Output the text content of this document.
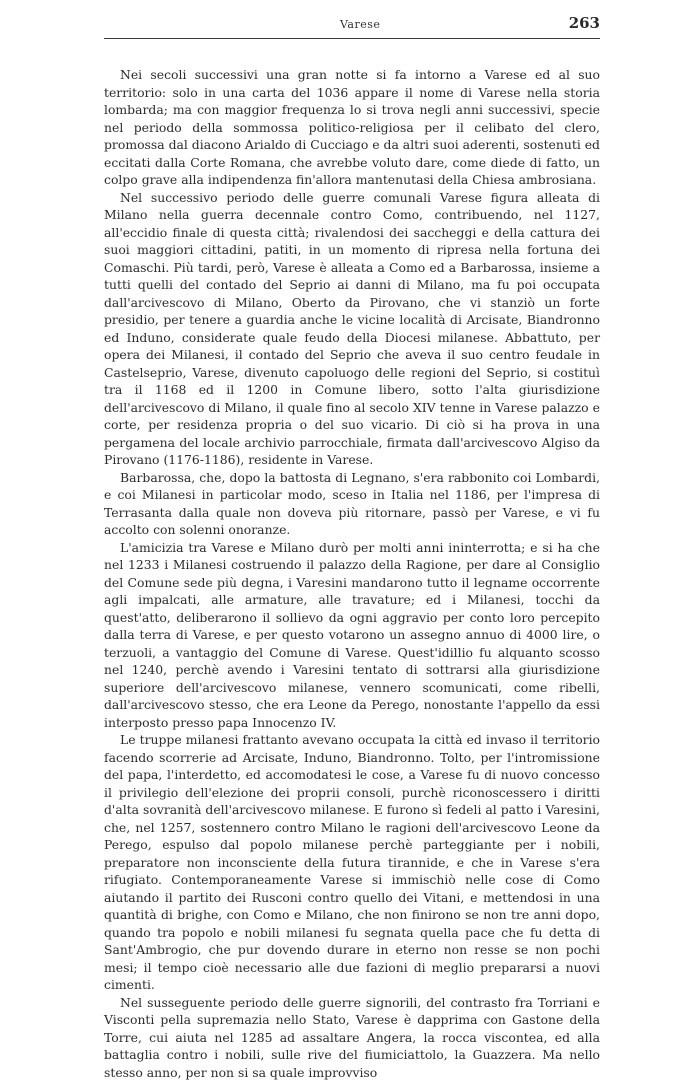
Varese	263

Nei secoli successivi una gran notte si fa intorno a Varese ed al suo territorio: solo in una carta del 1036 appare il nome di Varese nella storia lombarda; ma con maggior frequenza lo si trova negli anni successivi, specie nel periodo della sommossa politico-religiosa per il celibato del clero, promossa dal diacono Arialdo di Cucciago e da altri suoi aderenti, sostenuti ed eccitati dalla Corte Romana, che avrebbe voluto dare, come diede di fatto, un colpo grave alla indipendenza fin'allora mantenutasi della Chiesa ambrosiana.

Nel successivo periodo delle guerre comunali Varese figura alleata di Milano nella guerra decennale contro Como, contribuendo, nel 1127, all'eccidio finale di questa città; rivalendosi dei saccheggi e della cattura dei suoi maggiori cittadini, patiti, in un momento di ripresa nella fortuna dei Comaschi. Più tardi, però, Varese è alleata a Como ed a Barbarossa, insieme a tutti quelli del contado del Seprio ai danni di Milano, ma fu poi occupata dall'arcivescovo di Milano, Oberto da Pirovano, che vi stanziò un forte presidio, per tenere a guardia anche le vicine località di Arcisate, Biandronno ed Induno, considerate quale feudo della Diocesi milanese. Abbattuto, per opera dei Milanesi, il contado del Seprio che aveva il suo centro feudale in Castelseprio, Varese, divenuto capoluogo delle regioni del Seprio, si costituì tra il 1168 ed il 1200 in Comune libero, sotto l'alta giurisdizione dell'arcivescovo di Milano, il quale fino al secolo XIV tenne in Varese palazzo e corte, per residenza propria o del suo vicario. Di ciò si ha prova in una pergamena del locale archivio parrocchiale, firmata dall'arcivescovo Algiso da Pirovano (1176-1186), residente in Varese.

Barbarossa, che, dopo la battosta di Legnano, s'era rabbonito coi Lombardi, e coi Milanesi in particolar modo, sceso in Italia nel 1186, per l'impresa di Terrasanta dalla quale non doveva più ritornare, passò per Varese, e vi fu accolto con solenni onoranze.

L'amicizia tra Varese e Milano durò per molti anni ininterrotta; e si ha che nel 1233 i Milanesi costruendo il palazzo della Ragione, per dare al Consiglio del Comune sede più degna, i Varesini mandarono tutto il legname occorrente agli impalcati, alle armature, alle travature; ed i Milanesi, tocchi da quest'atto, deliberarono il sollievo da ogni aggravio per conto loro percepito dalla terra di Varese, e per questo votarono un assegno annuo di 4000 lire, o terzuoli, a vantaggio del Comune di Varese. Quest'idillio fu alquanto scosso nel 1240, perchè avendo i Varesini tentato di sottrarsi alla giurisdizione superiore dell'arcivescovo milanese, vennero scomunicati, come ribelli, dall'arcivescovo stesso, che era Leone da Perego, nonostante l'appello da essi interposto presso papa Innocenzo IV.

Le truppe milanesi frattanto avevano occupata la città ed invaso il territorio facendo scorrerie ad Arcisate, Induno, Biandronno. Tolto, per l'intromissione del papa, l'interdetto, ed accomodatesi le cose, a Varese fu di nuovo concesso il privilegio dell'elezione dei proprii consoli, purchè riconoscessero i diritti d'alta sovranità dell'arcivescovo milanese. E furono sì fedeli al patto i Varesini, che, nel 1257, sostennero contro Milano le ragioni dell'arcivescovo Leone da Perego, espulso dal popolo milanese perchè parteggiante per i nobili, preparatore non inconsciente della futura tirannide, e che in Varese s'era rifugiato. Contemporaneamente Varese si immischiò nelle cose di Como aiutando il partito dei Rusconi contro quello dei Vitani, e mettendosi in una quantità di brighe, con Como e Milano, che non finirono se non tre anni dopo, quando tra popolo e nobili milanesi fu segnata quella pace che fu detta di Sant'Ambrogio, che pur dovendo durare in eterno non resse se non pochi mesi; il tempo cioè necessario alle due fazioni di meglio prepararsi a nuovi cimenti.

Nel susseguente periodo delle guerre signorili, del contrasto fra Torriani e Visconti pella supremazia nello Stato, Varese è dapprima con Gastone della Torre, cui aiuta nel 1285 ad assaltare Angera, la rocca viscontea, ed alla battaglia contro i nobili, sulle rive del fiumiciattolo, la Guazzera. Ma nello stesso anno, per non si sa quale improvviso
